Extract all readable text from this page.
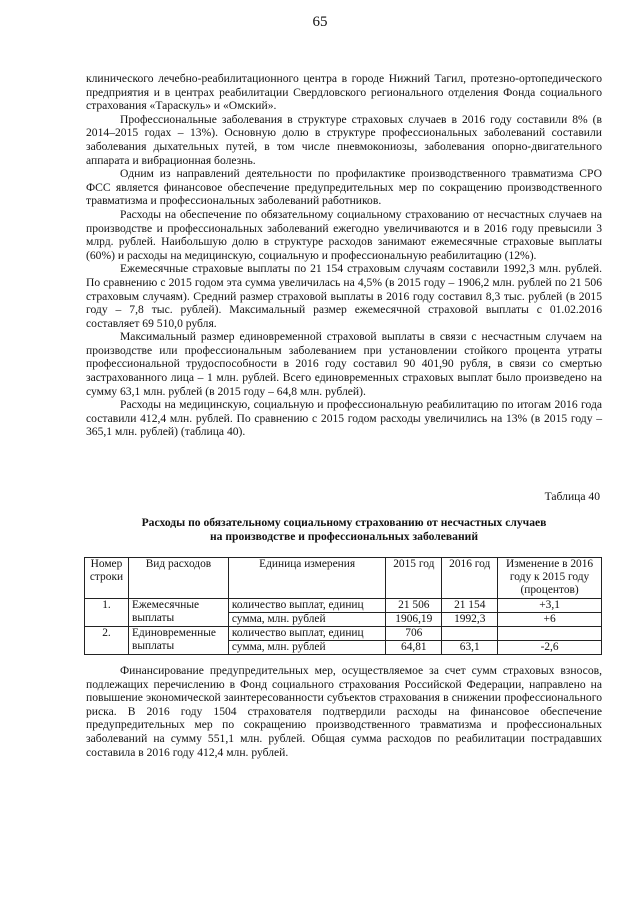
65

клинического лечебно-реабилитационного центра в городе Нижний Тагил, протезно-ортопедического предприятия и в центрах реабилитации Свердловского регионального отделения Фонда социального страхования «Тараскуль» и «Омский».

Профессиональные заболевания в структуре страховых случаев в 2016 году составили 8% (в 2014–2015 годах – 13%). Основную долю в структуре профессиональных заболеваний составили заболевания дыхательных путей, в том числе пневмокониозы, заболевания опорно-двигательного аппарата и вибрационная болезнь.

Одним из направлений деятельности по профилактике производственного травматизма СРО ФСС является финансовое обеспечение предупредительных мер по сокращению производственного травматизма и профессиональных заболеваний работников.

Расходы на обеспечение по обязательному социальному страхованию от несчастных случаев на производстве и профессиональных заболеваний ежегодно увеличиваются и в 2016 году превысили 3 млрд. рублей. Наибольшую долю в структуре расходов занимают ежемесячные страховые выплаты (60%) и расходы на медицинскую, социальную и профессиональную реабилитацию (12%).

Ежемесячные страховые выплаты по 21 154 страховым случаям составили 1992,3 млн. рублей. По сравнению с 2015 годом эта сумма увеличилась на 4,5% (в 2015 году – 1906,2 млн. рублей по 21 506 страховым случаям). Средний размер страховой выплаты в 2016 году составил 8,3 тыс. рублей (в 2015 году – 7,8 тыс. рублей). Максимальный размер ежемесячной страховой выплаты с 01.02.2016 составляет 69 510,0 рубля.

Максимальный размер единовременной страховой выплаты в связи с несчастным случаем на производстве или профессиональным заболеванием при установлении стойкого процента утраты профессиональной трудоспособности в 2016 году составил 90 401,90 рубля, в связи со смертью застрахованного лица – 1 млн. рублей. Всего единовременных страховых выплат было произведено на сумму 63,1 млн. рублей (в 2015 году – 64,8 млн. рублей).

Расходы на медицинскую, социальную и профессиональную реабилитацию по итогам 2016 года составили 412,4 млн. рублей. По сравнению с 2015 годом расходы увеличились на 13% (в 2015 году – 365,1 млн. рублей) (таблица 40).

Таблица 40
Расходы по обязательному социальному страхованию от несчастных случаев
на производстве и профессиональных заболеваний
Номер строки	Вид расходов	Единица измерения	2015 год	2016 год	Изменение в 2016 году к 2015 году (процентов)
1.	Ежемесячные выплаты	количество выплат, единиц	21 506	21 154	+3,1
		сумма, млн. рублей	1906,19	1992,3	+6
2.	Единовременные выплаты	количество выплат, единиц	706		
		сумма, млн. рублей	64,81	63,1	-2,6

Финансирование предупредительных мер, осуществляемое за счет сумм страховых взносов, подлежащих перечислению в Фонд социального страхования Российской Федерации, направлено на повышение экономической заинтересованности субъектов страхования в снижении профессионального риска. В 2016 году 1504 страхователя подтвердили расходы на финансовое обеспечение предупредительных мер по сокращению производственного травматизма и профессиональных заболеваний на сумму 551,1 млн. рублей. Общая сумма расходов по реабилитации пострадавших составила в 2016 году 412,4 млн. рублей.
